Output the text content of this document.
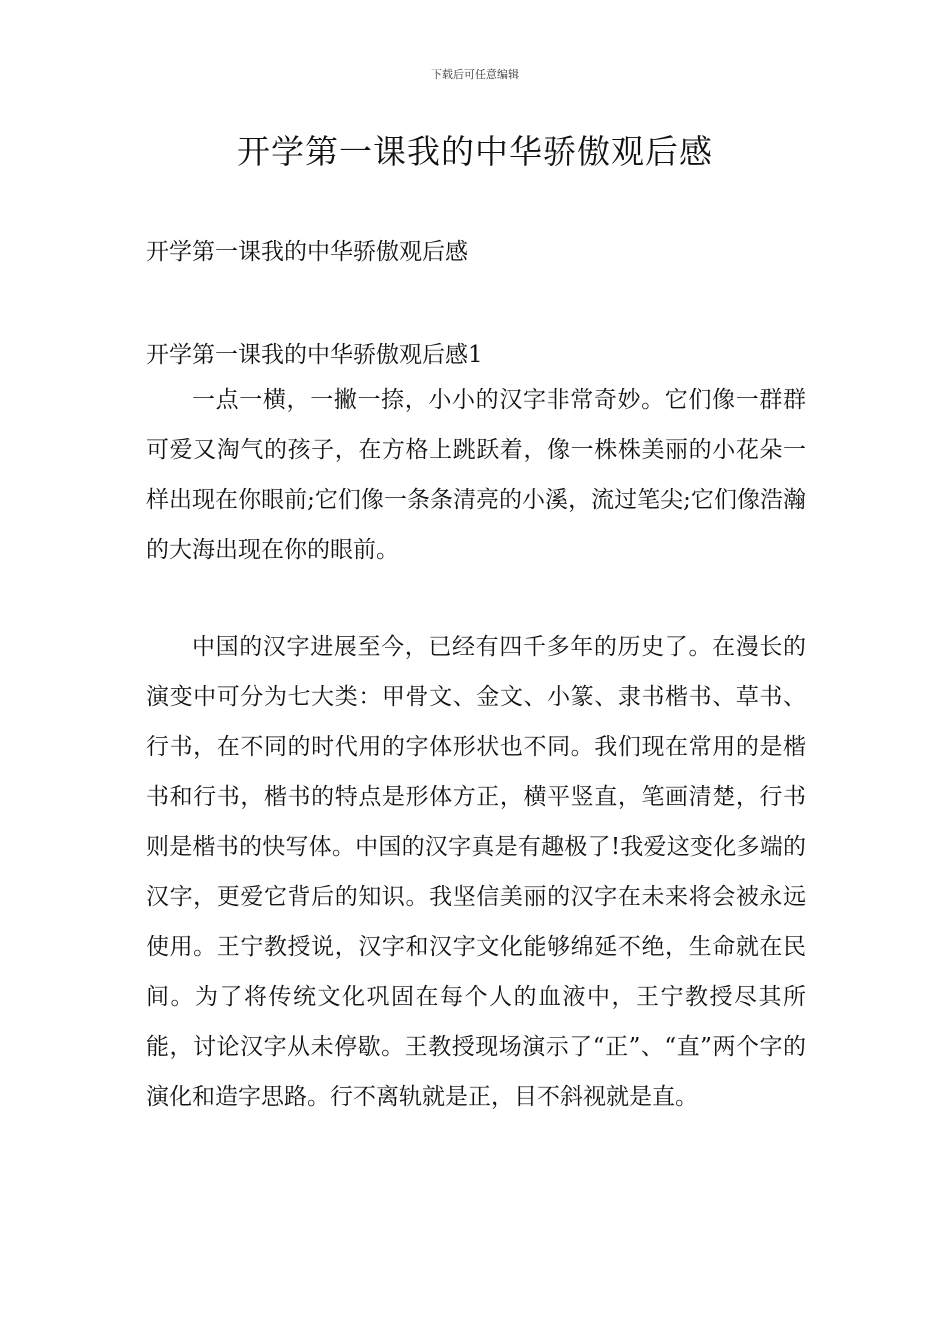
下载后可任意编辑
开学第一课我的中华骄傲观后感

开学第一课我的中华骄傲观后感

开学第一课我的中华骄傲观后感1

一点一横，一撇一捺，小小的汉字非常奇妙。它们像一群群可爱又淘气的孩子，在方格上跳跃着，像一株株美丽的小花朵一样出现在你眼前;它们像一条条清亮的小溪，流过笔尖;它们像浩瀚的大海出现在你的眼前。

中国的汉字进展至今，已经有四千多年的历史了。在漫长的演变中可分为七大类：甲骨文、金文、小篆、隶书楷书、草书、行书，在不同的时代用的字体形状也不同。我们现在常用的是楷书和行书，楷书的特点是形体方正，横平竖直，笔画清楚，行书则是楷书的快写体。中国的汉字真是有趣极了!我爱这变化多端的汉字，更爱它背后的知识。我坚信美丽的汉字在未来将会被永远使用。王宁教授说，汉字和汉字文化能够绵延不绝，生命就在民间。为了将传统文化巩固在每个人的血液中，王宁教授尽其所能，讨论汉字从未停歇。王教授现场演示了“正”、“直”两个字的演化和造字思路。行不离轨就是正，目不斜视就是直。
